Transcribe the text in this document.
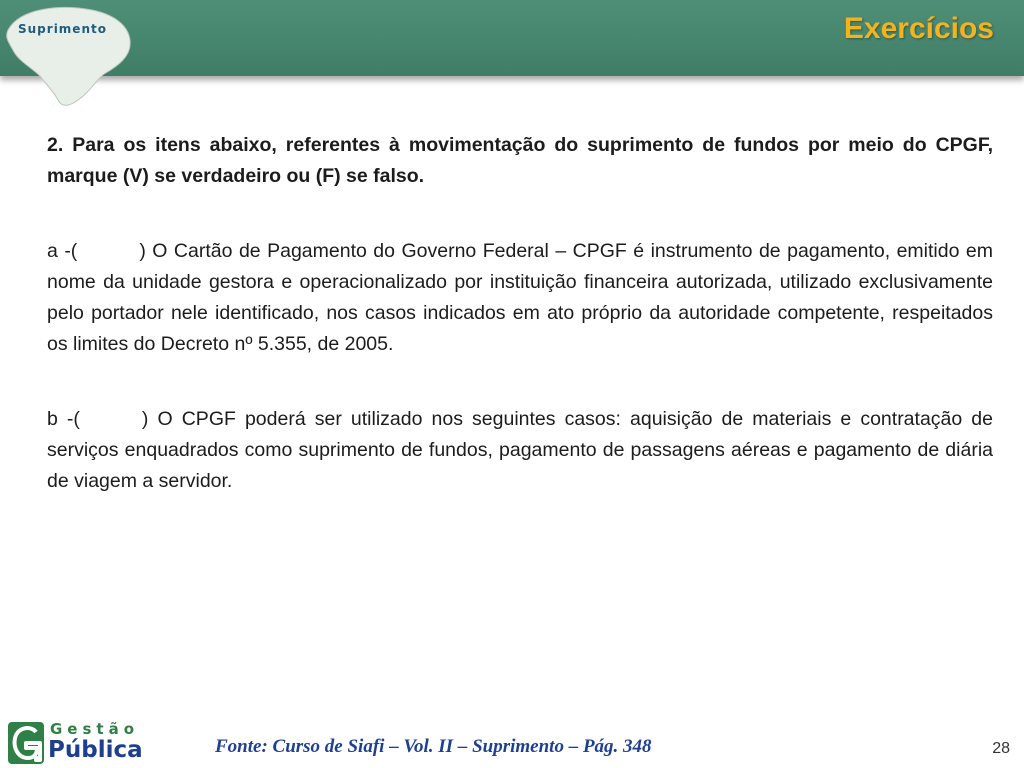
Suprimento	Exercícios

2. Para os itens abaixo, referentes à movimentação do suprimento de fundos por meio do CPGF, marque (V) se verdadeiro ou (F) se falso.

a -(	) O Cartão de Pagamento do Governo Federal – CPGF é instrumento de pagamento, emitido em nome da unidade gestora e operacionalizado por instituição financeira autorizada, utilizado exclusivamente pelo portador nele identificado, nos casos indicados em ato próprio da autoridade competente, respeitados os limites do Decreto nº 5.355, de 2005.

b -(	) O CPGF poderá ser utilizado nos seguintes casos: aquisição de materiais e contratação de serviços enquadrados como suprimento de fundos, pagamento de passagens aéreas e pagamento de diária de viagem a servidor.

Gestão
Pública	Fonte: Curso de Siafi – Vol. II – Suprimento – Pág. 348	28
